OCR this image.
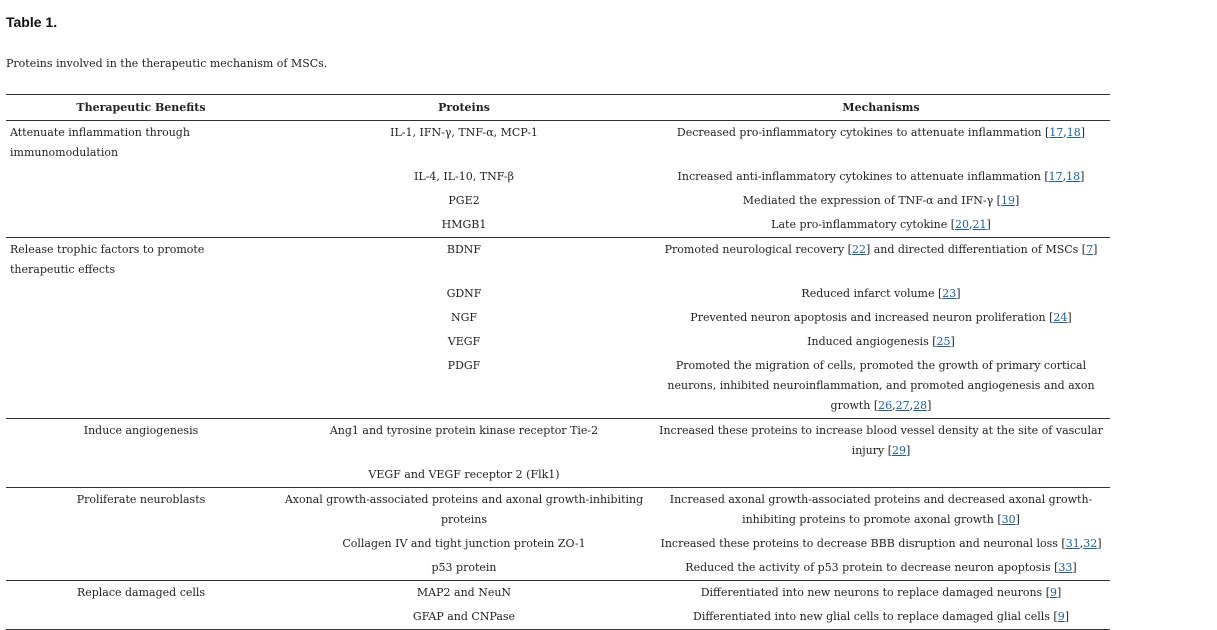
Table 1.
Proteins involved in the therapeutic mechanism of MSCs.
Therapeutic Benefits	Proteins	Mechanisms
Attenuate inflammation through immunomodulation	IL-1, IFN-γ, TNF-α, MCP-1	Decreased pro-inflammatory cytokines to attenuate inflammation [17,18]
	IL-4, IL-10, TNF-β	Increased anti-inflammatory cytokines to attenuate inflammation [17,18]
	PGE2	Mediated the expression of TNF-α and IFN-γ [19]
	HMGB1	Late pro-inflammatory cytokine [20,21]
Release trophic factors to promote therapeutic effects	BDNF	Promoted neurological recovery [22] and directed differentiation of MSCs [7]
	GDNF	Reduced infarct volume [23]
	NGF	Prevented neuron apoptosis and increased neuron proliferation [24]
	VEGF	Induced angiogenesis [25]
	PDGF	Promoted the migration of cells, promoted the growth of primary cortical neurons, inhibited neuroinflammation, and promoted angiogenesis and axon growth [26,27,28]
Induce angiogenesis	Ang1 and tyrosine protein kinase receptor Tie-2	Increased these proteins to increase blood vessel density at the site of vascular injury [29]
	VEGF and VEGF receptor 2 (Flk1)	
Proliferate neuroblasts	Axonal growth-associated proteins and axonal growth-inhibiting proteins	Increased axonal growth-associated proteins and decreased axonal growth-inhibiting proteins to promote axonal growth [30]
	Collagen IV and tight junction protein ZO-1	Increased these proteins to decrease BBB disruption and neuronal loss [31,32]
	p53 protein	Reduced the activity of p53 protein to decrease neuron apoptosis [33]
Replace damaged cells	MAP2 and NeuN	Differentiated into new neurons to replace damaged neurons [9]
	GFAP and CNPase	Differentiated into new glial cells to replace damaged glial cells [9]
